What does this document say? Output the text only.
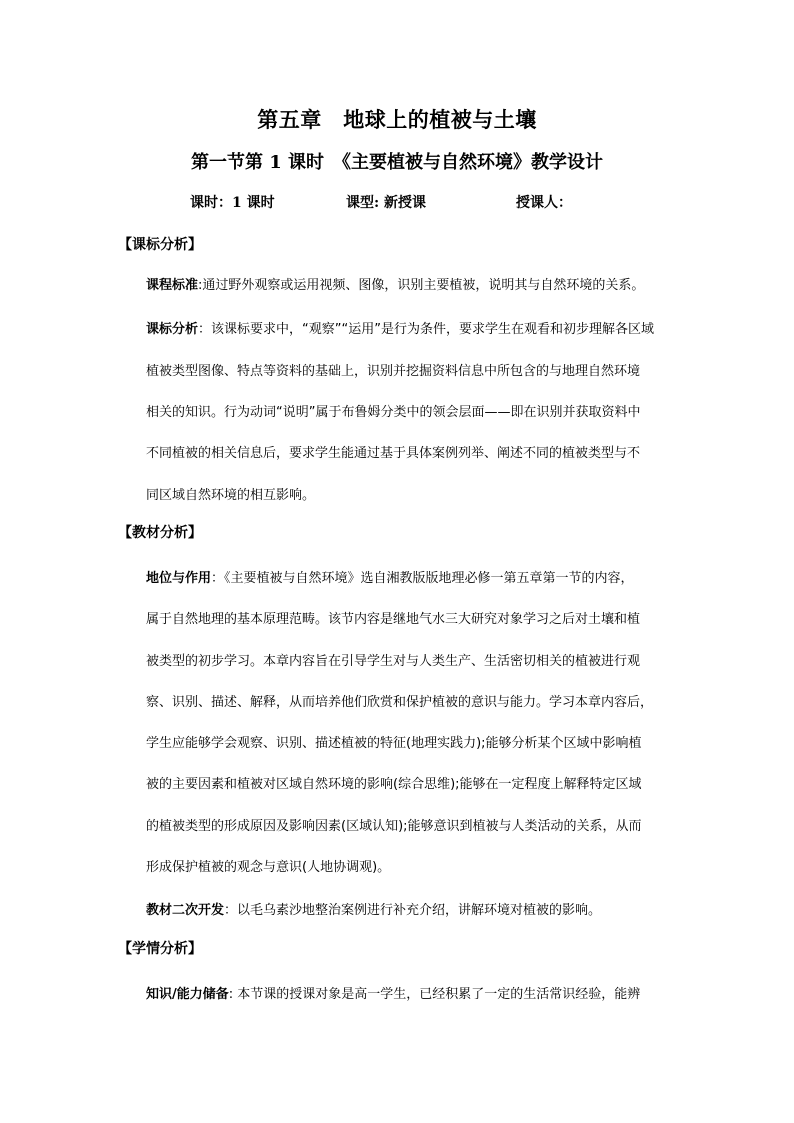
第五章　地球上的植被与土壤
第一节第 1 课时　《主要植被与自然环境》教学设计
课时：1 课时	课型: 新授课	授课人：
【课标分析】
课程标准:通过野外观察或运用视频、图像，识别主要植被，说明其与自然环境的关系。
课标分析：该课标要求中，“观察”“运用”是行为条件，要求学生在观看和初步理解各区域
植被类型图像、特点等资料的基础上，识别并挖掘资料信息中所包含的与地理自然环境
相关的知识。行为动词“说明”属于布鲁姆分类中的领会层面——即在识别并获取资料中
不同植被的相关信息后，要求学生能通过基于具体案例列举、阐述不同的植被类型与不
同区域自然环境的相互影响。
【教材分析】
地位与作用：《主要植被与自然环境》选自湘教版版地理必修一第五章第一节的内容，
属于自然地理的基本原理范畴。该节内容是继地气水三大研究对象学习之后对土壤和植
被类型的初步学习。本章内容旨在引导学生对与人类生产、生活密切相关的植被进行观
察、识别、描述、解释，从而培养他们欣赏和保护植被的意识与能力。学习本章内容后，
学生应能够学会观察、识别、描述植被的特征(地理实践力);能够分析某个区域中影响植
被的主要因素和植被对区域自然环境的影响(综合思维);能够在一定程度上解释特定区域
的植被类型的形成原因及影响因素(区域认知);能够意识到植被与人类活动的关系，从而
形成保护植被的观念与意识(人地协调观)。
教材二次开发：以毛乌素沙地整治案例进行补充介绍，讲解环境对植被的影响。
【学情分析】
知识/能力储备: 本节课的授课对象是高一学生，已经积累了一定的生活常识经验，能辨
